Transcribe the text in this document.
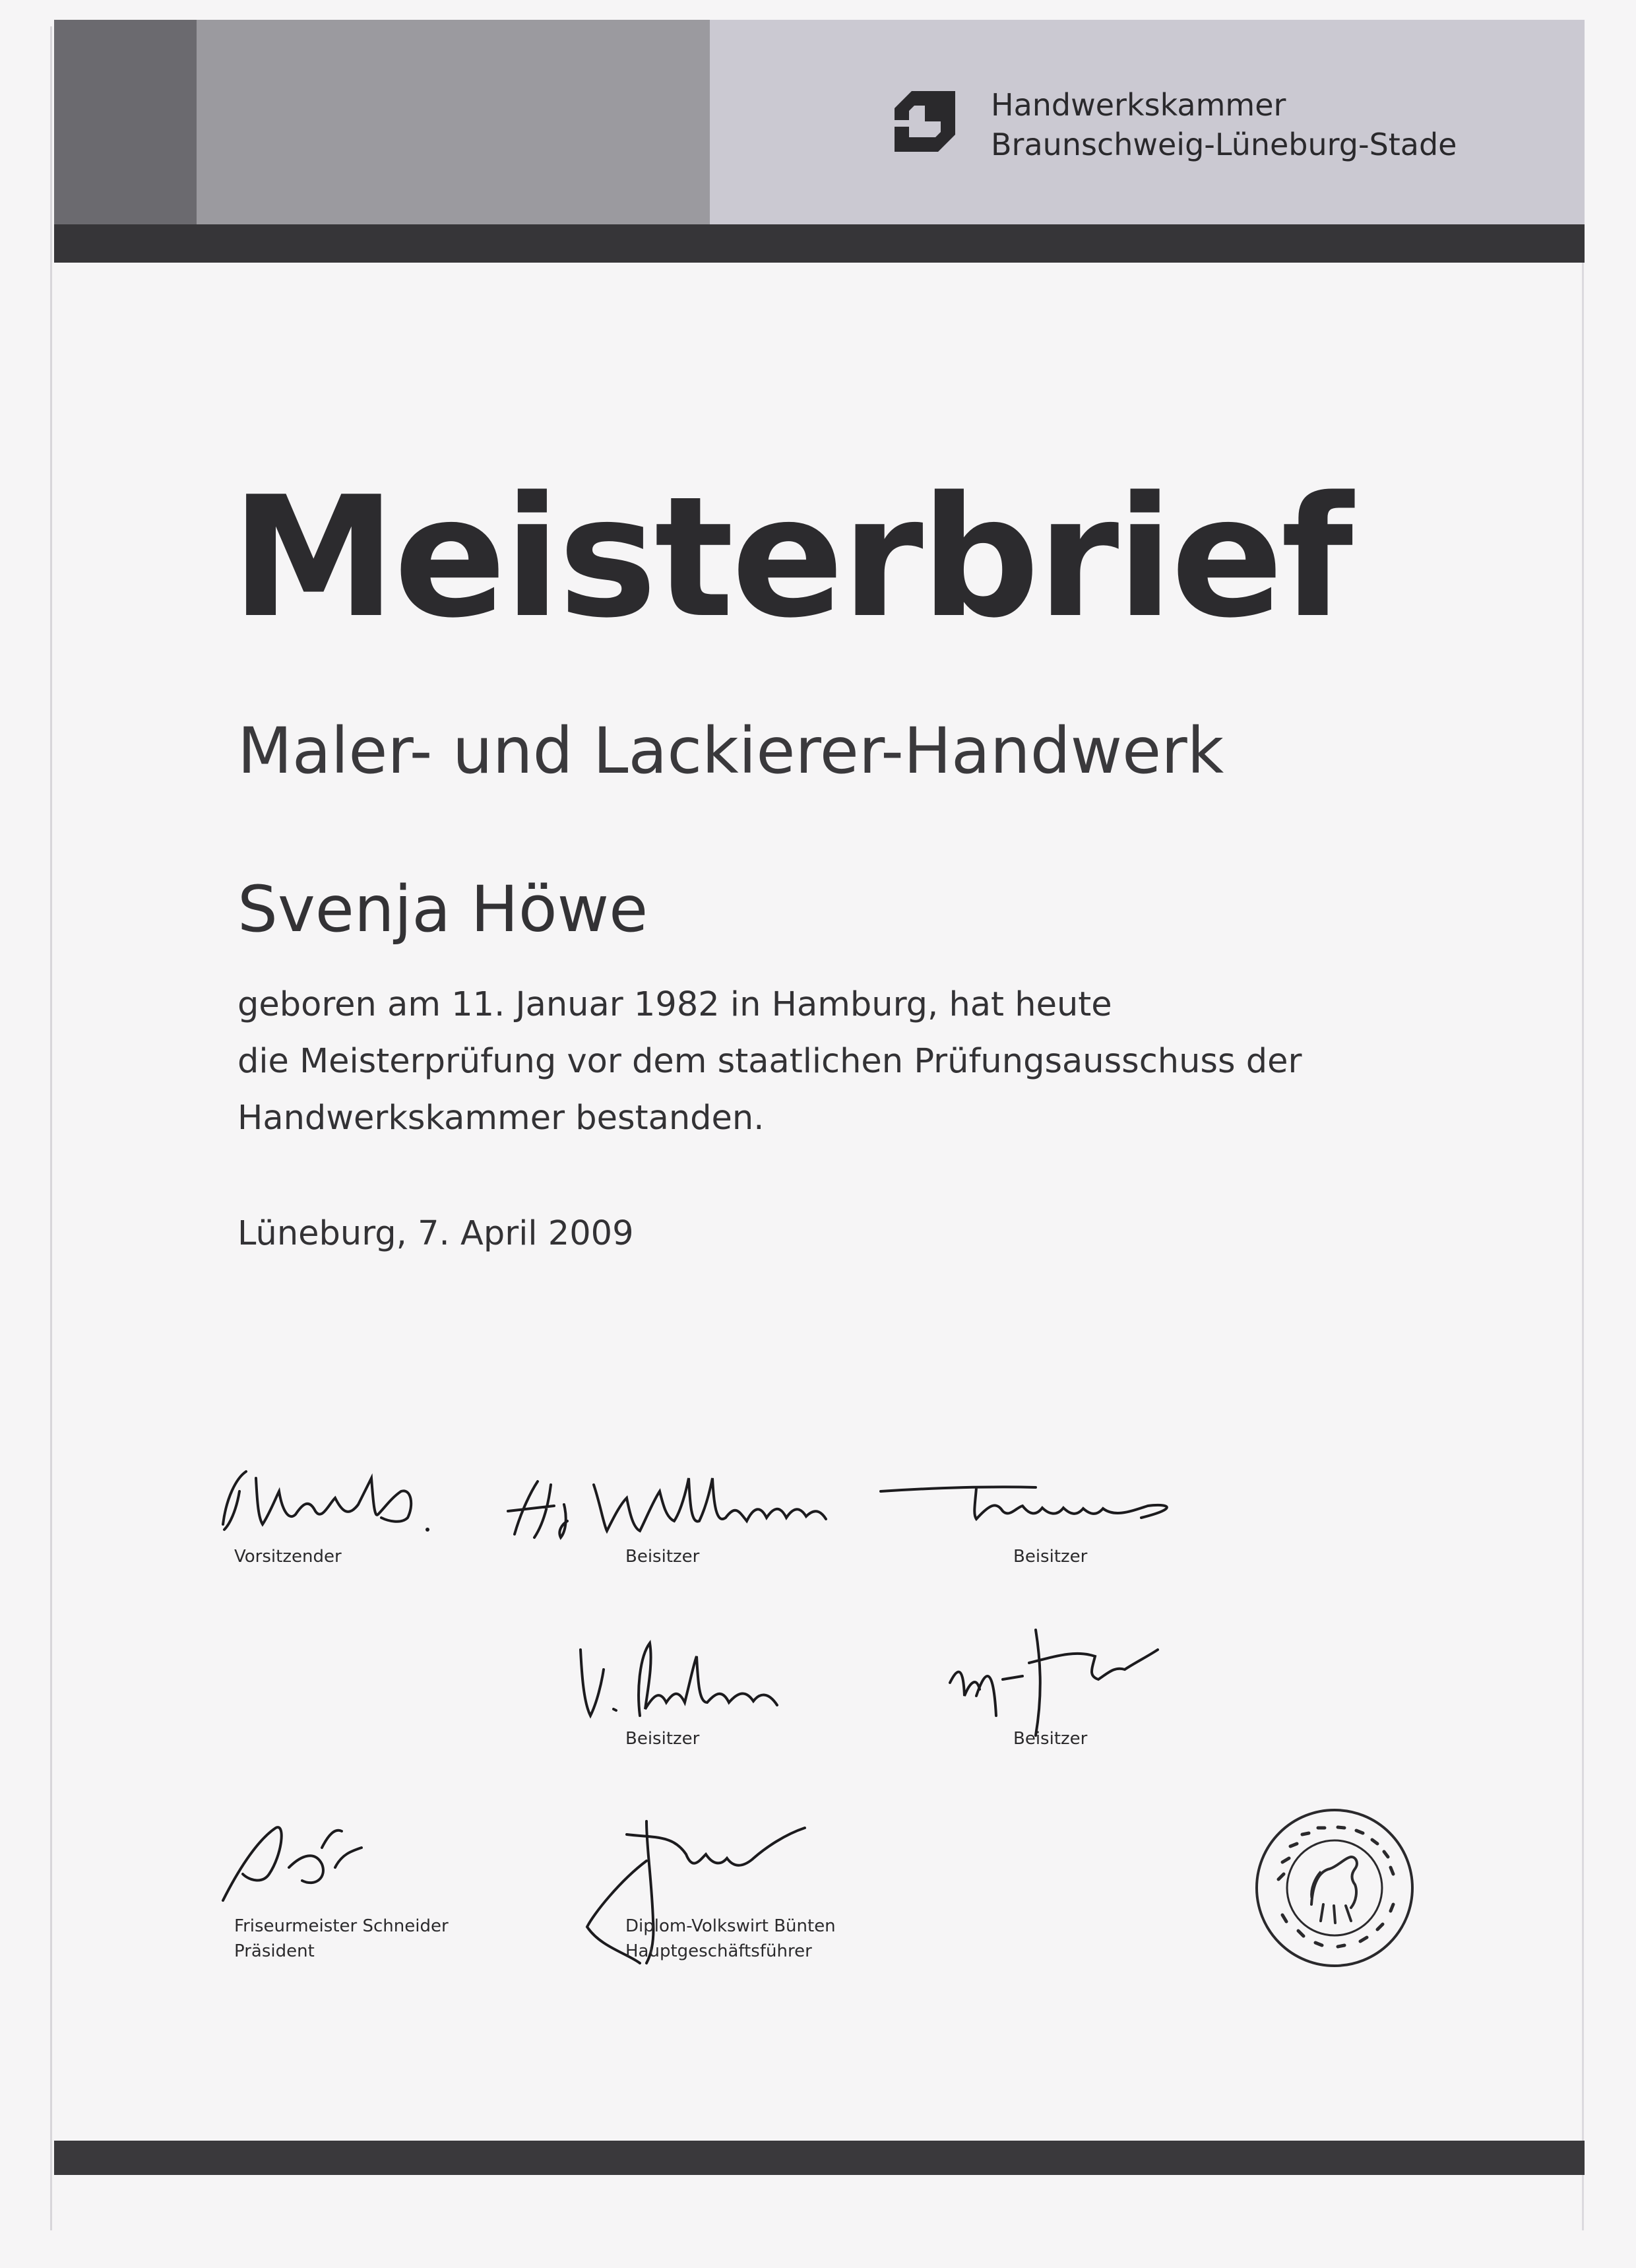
Handwerkskammer
Braunschweig-Lüneburg-Stade
Meisterbrief
Maler- und Lackierer-Handwerk
Svenja Höwe
geboren am 11. Januar 1982 in Hamburg, hat heute
die Meisterprüfung vor dem staatlichen Prüfungsausschuss der
Handwerkskammer bestanden.
Lüneburg, 7. April 2009
Vorsitzender	Beisitzer	Beisitzer
Beisitzer	Beisitzer
Friseurmeister Schneider
Präsident
Diplom-Volkswirt Bünten
Hauptgeschäftsführer
